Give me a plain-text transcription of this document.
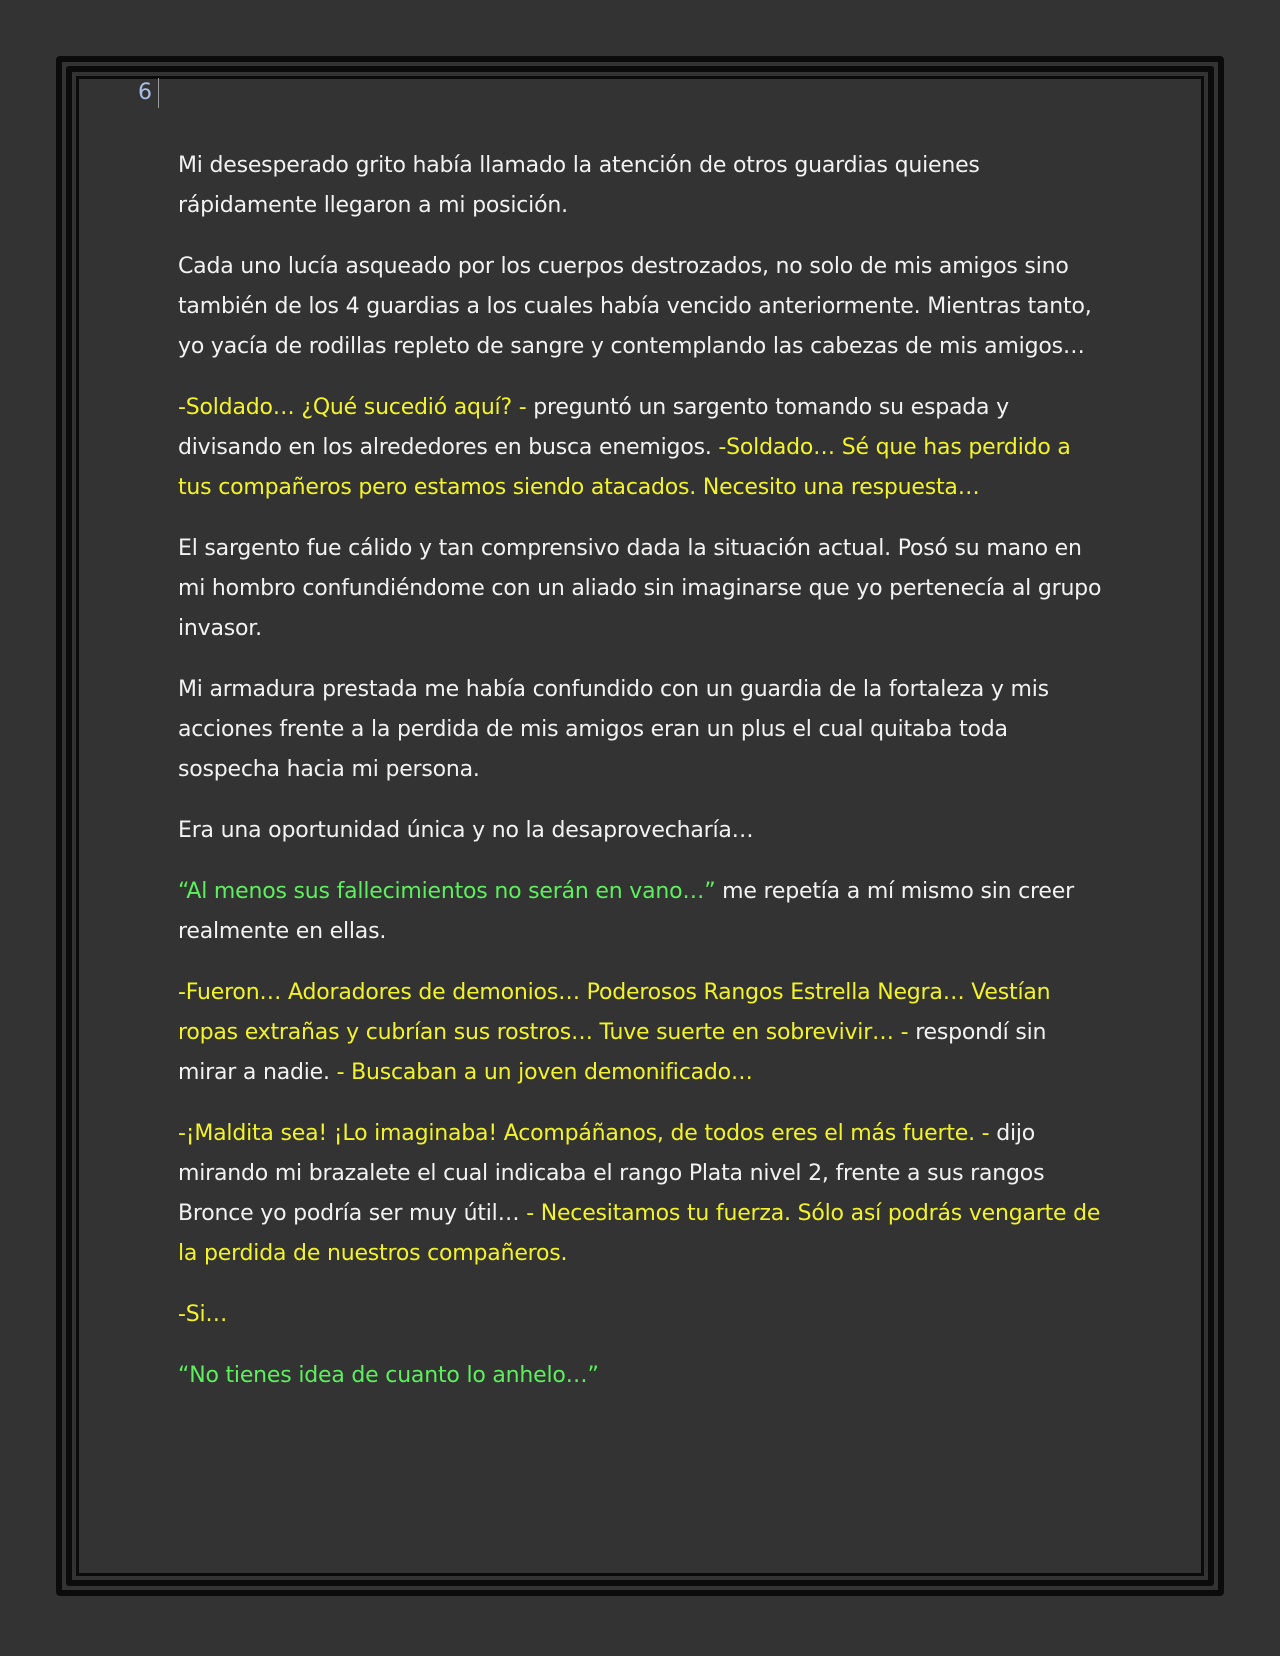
6

Mi desesperado grito había llamado la atención de otros guardias quienes rápidamente llegaron a mi posición.

Cada uno lucía asqueado por los cuerpos destrozados, no solo de mis amigos sino también de los 4 guardias a los cuales había vencido anteriormente. Mientras tanto, yo yacía de rodillas repleto de sangre y contemplando las cabezas de mis amigos…

-Soldado… ¿Qué sucedió aquí? - preguntó un sargento tomando su espada y divisando en los alrededores en busca enemigos. -Soldado… Sé que has perdido a tus compañeros pero estamos siendo atacados. Necesito una respuesta…

El sargento fue cálido y tan comprensivo dada la situación actual. Posó su mano en mi hombro confundiéndome con un aliado sin imaginarse que yo pertenecía al grupo invasor.

Mi armadura prestada me había confundido con un guardia de la fortaleza y mis acciones frente a la perdida de mis amigos eran un plus el cual quitaba toda sospecha hacia mi persona.

Era una oportunidad única y no la desaprovecharía…

“Al menos sus fallecimientos no serán en vano…” me repetía a mí mismo sin creer realmente en ellas.

-Fueron… Adoradores de demonios… Poderosos Rangos Estrella Negra… Vestían ropas extrañas y cubrían sus rostros… Tuve suerte en sobrevivir… - respondí sin mirar a nadie. - Buscaban a un joven demonificado…

-¡Maldita sea! ¡Lo imaginaba! Acompáñanos, de todos eres el más fuerte. - dijo mirando mi brazalete el cual indicaba el rango Plata nivel 2, frente a sus rangos Bronce yo podría ser muy útil… - Necesitamos tu fuerza. Sólo así podrás vengarte de la perdida de nuestros compañeros.

-Si…

“No tienes idea de cuanto lo anhelo…”
